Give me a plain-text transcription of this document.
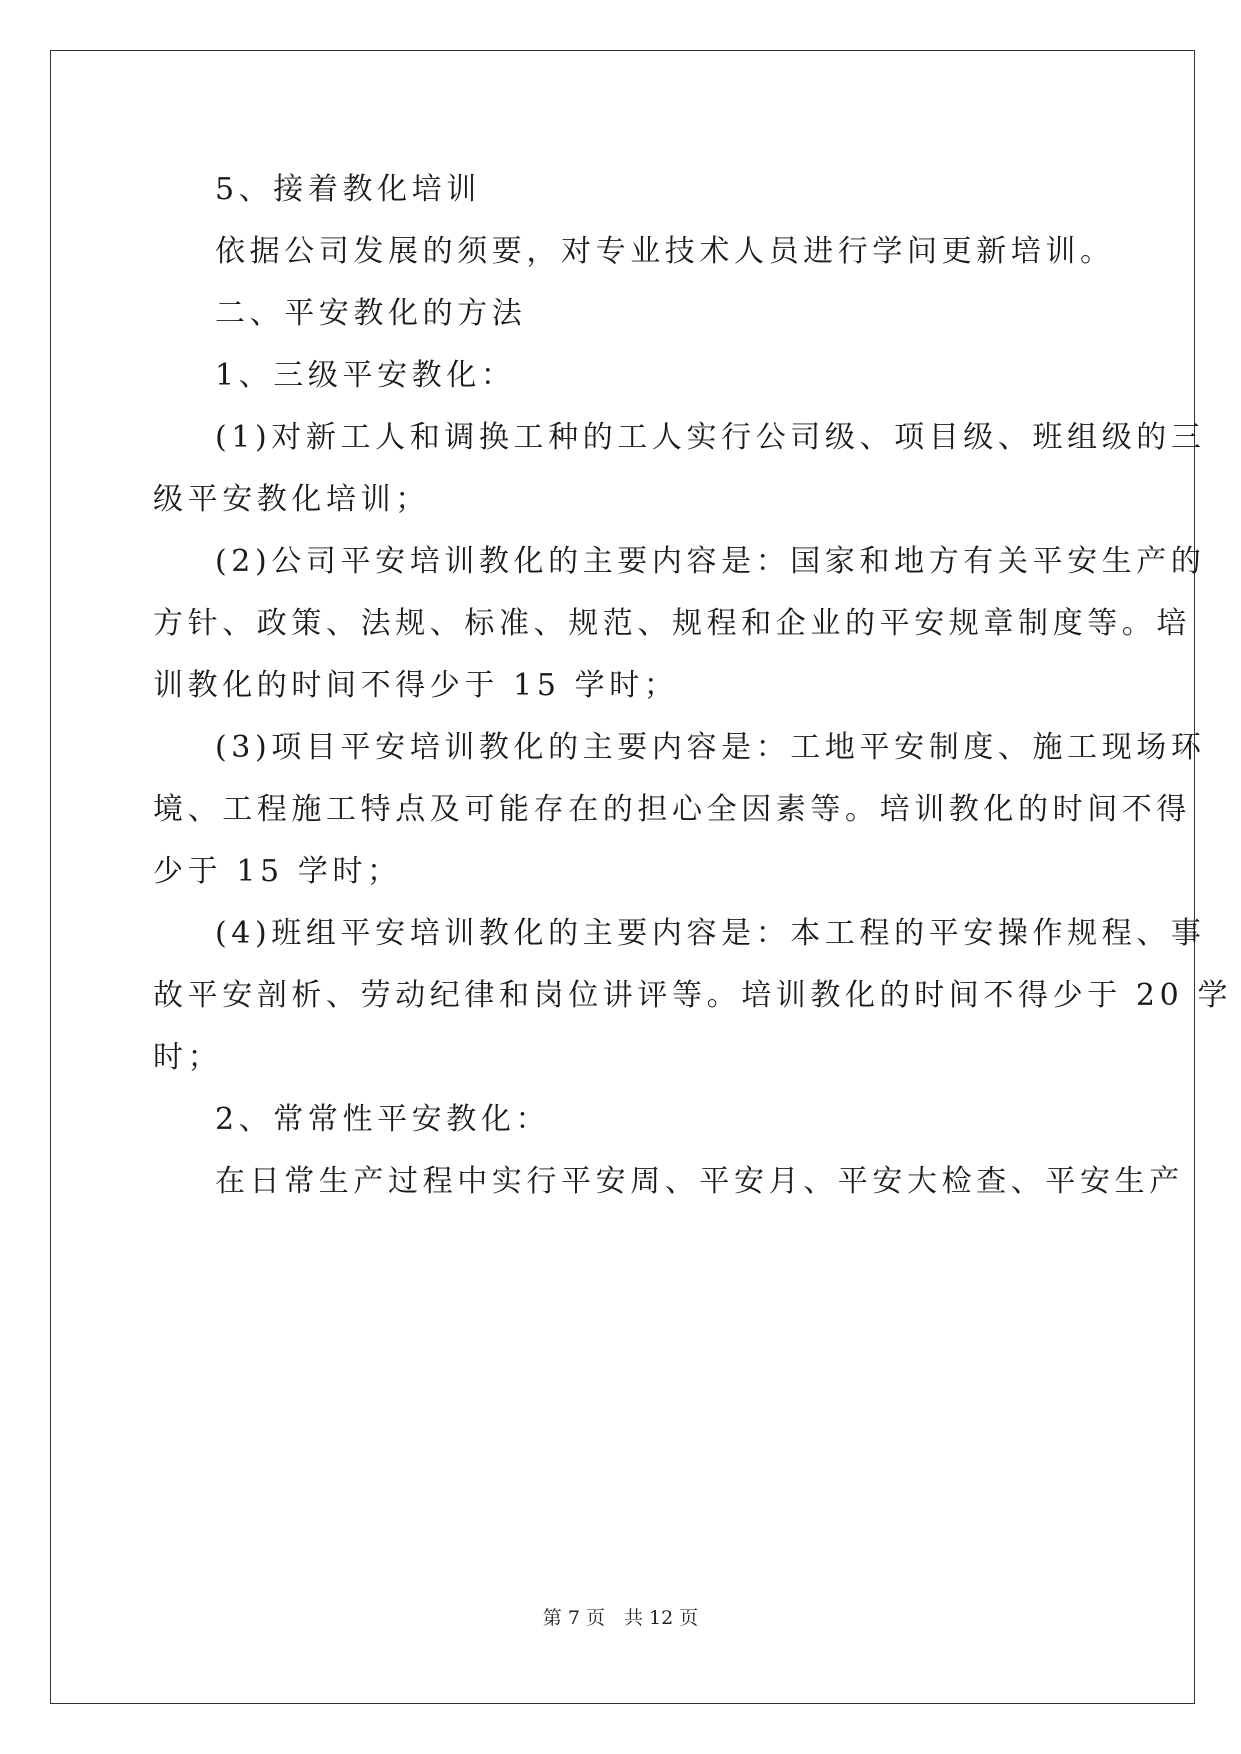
5、接着教化培训
依据公司发展的须要，对专业技术人员进行学问更新培训。
二、平安教化的方法
1、三级平安教化：
(1)对新工人和调换工种的工人实行公司级、项目级、班组级的三
级平安教化培训；
(2)公司平安培训教化的主要内容是：国家和地方有关平安生产的
方针、政策、法规、标准、规范、规程和企业的平安规章制度等。培
训教化的时间不得少于 15 学时；
(3)项目平安培训教化的主要内容是：工地平安制度、施工现场环
境、工程施工特点及可能存在的担心全因素等。培训教化的时间不得
少于 15 学时；
(4)班组平安培训教化的主要内容是：本工程的平安操作规程、事
故平安剖析、劳动纪律和岗位讲评等。培训教化的时间不得少于 20 学
时；
2、常常性平安教化：
在日常生产过程中实行平安周、平安月、平安大检查、平安生产
第 7 页　共 12 页
